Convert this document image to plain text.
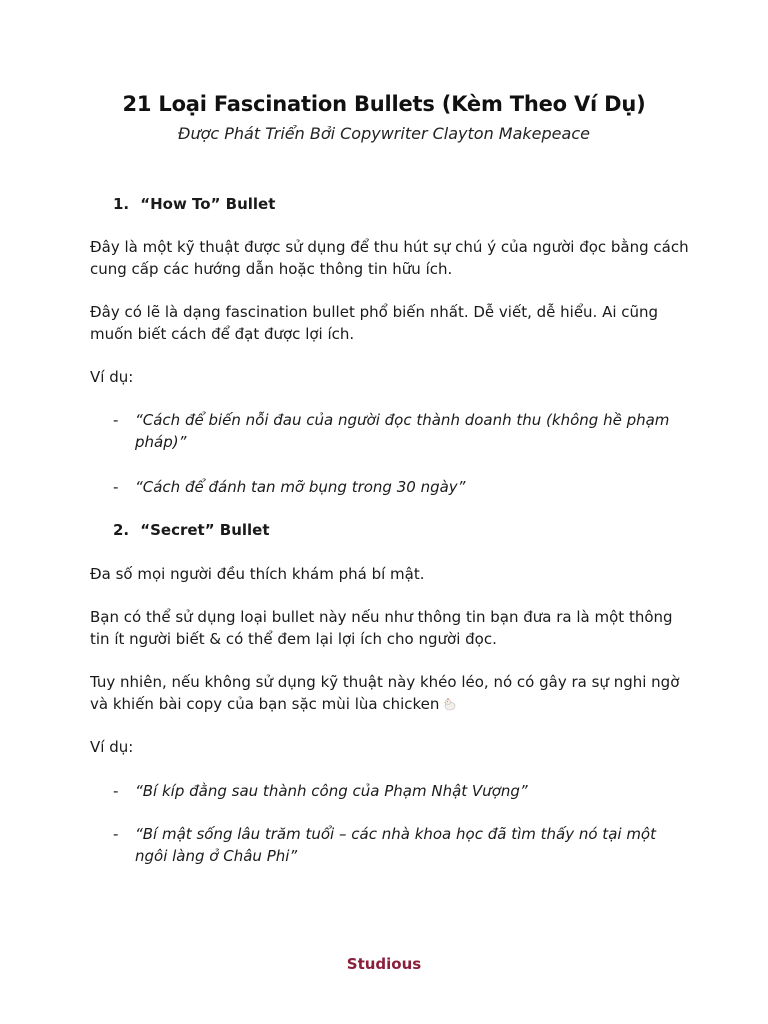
21 Loại Fascination Bullets (Kèm Theo Ví Dụ)
Được Phát Triển Bởi Copywriter Clayton Makepeace
1. “How To” Bullet
Đây là một kỹ thuật được sử dụng để thu hút sự chú ý của người đọc bằng cách cung cấp các hướng dẫn hoặc thông tin hữu ích.
Đây có lẽ là dạng fascination bullet phổ biến nhất. Dễ viết, dễ hiểu. Ai cũng muốn biết cách để đạt được lợi ích.
Ví dụ:
- “Cách để biến nỗi đau của người đọc thành doanh thu (không hề phạm pháp)”
- “Cách để đánh tan mỡ bụng trong 30 ngày”
2. “Secret” Bullet
Đa số mọi người đều thích khám phá bí mật.
Bạn có thể sử dụng loại bullet này nếu như thông tin bạn đưa ra là một thông tin ít người biết & có thể đem lại lợi ích cho người đọc.
Tuy nhiên, nếu không sử dụng kỹ thuật này khéo léo, nó có gây ra sự nghi ngờ và khiến bài copy của bạn sặc mùi lùa chicken
Ví dụ:
- “Bí kíp đằng sau thành công của Phạm Nhật Vượng”
- “Bí mật sống lâu trăm tuổi – các nhà khoa học đã tìm thấy nó tại một ngôi làng ở Châu Phi”
Studious
